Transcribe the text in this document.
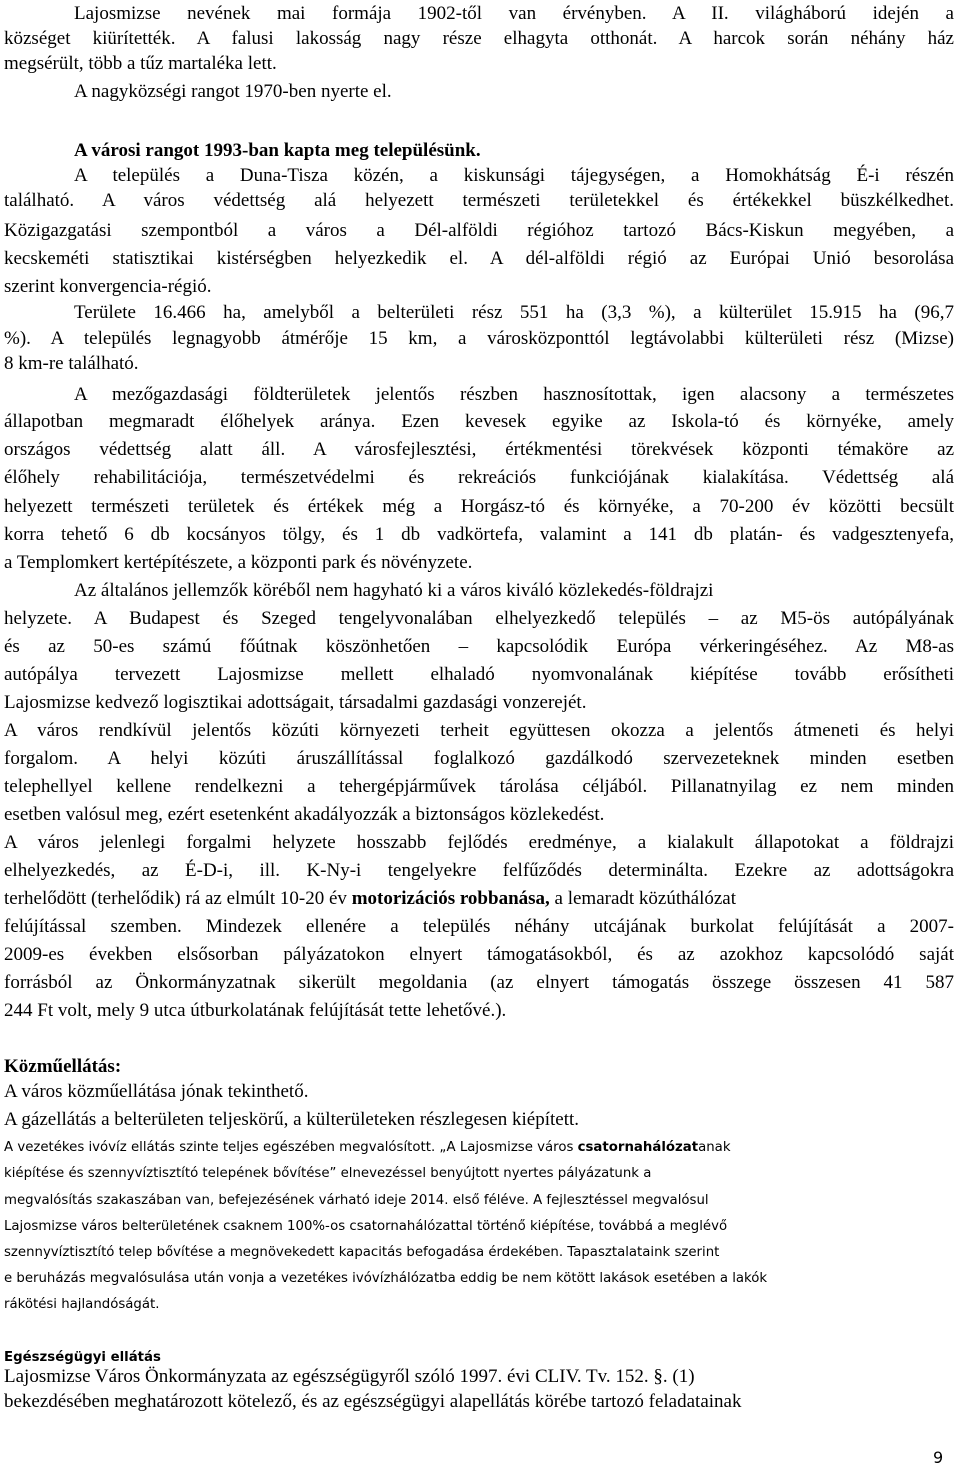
Lajosmizse nevének mai formája 1902-től van érvényben. A II. világháború idején a
községet kiürítették. A falusi lakosság nagy része elhagyta otthonát. A harcok során néhány ház
megsérült, több a tűz martaléka lett.
A nagyközségi rangot 1970-ben nyerte el.
A városi rangot 1993-ban kapta meg településünk.
A település a Duna-Tisza közén, a kiskunsági tájegységen, a Homokhátság É-i részén
található. A város védettség alá helyezett természeti területekkel és értékekkel büszkélkedhet.
Közigazgatási szempontból a város a Dél-alföldi régióhoz tartozó Bács-Kiskun megyében, a
kecskeméti statisztikai kistérségben helyezkedik el. A dél-alföldi régió az Európai Unió besorolása
szerint konvergencia-régió.
Területe 16.466 ha, amelyből a belterületi rész 551 ha (3,3 %), a külterület 15.915 ha (96,7
%). A település legnagyobb átmérője 15 km, a városközponttól legtávolabbi külterületi rész (Mizse)
8 km-re található.
A mezőgazdasági földterületek jelentős részben hasznosítottak, igen alacsony a természetes
állapotban megmaradt élőhelyek aránya. Ezen kevesek egyike az Iskola-tó és környéke, amely
országos védettség alatt áll. A városfejlesztési, értékmentési törekvések központi témaköre az
élőhely rehabilitációja, természetvédelmi és rekreációs funkciójának kialakítása. Védettség alá
helyezett természeti területek és értékek még a Horgász-tó és környéke, a 70-200 év közötti becsült
korra tehető 6 db kocsányos tölgy, és 1 db vadkörtefa, valamint a 141 db platán- és vadgesztenyefa,
a Templomkert kertépítészete, a központi park és növényzete.
Az általános jellemzők köréből nem hagyható ki a város kiváló közlekedés-földrajzi
helyzete. A Budapest és Szeged tengelyvonalában elhelyezkedő település – az M5-ös autópályának
és az 50-es számú főútnak köszönhetően – kapcsolódik Európa vérkeringéséhez. Az M8-as
autópálya tervezett Lajosmizse mellett elhaladó nyomvonalának kiépítése tovább erősítheti
Lajosmizse kedvező logisztikai adottságait, társadalmi gazdasági vonzerejét.
A város rendkívül jelentős közúti környezeti terheit együttesen okozza a jelentős átmeneti és helyi
forgalom. A helyi közúti áruszállítással foglalkozó gazdálkodó szervezeteknek minden esetben
telephellyel kellene rendelkezni a tehergépjárművek tárolása céljából. Pillanatnyilag ez nem minden
esetben valósul meg, ezért esetenként akadályozzák a biztonságos közlekedést.
A város jelenlegi forgalmi helyzete hosszabb fejlődés eredménye, a kialakult állapotokat a földrajzi
elhelyezkedés, az É-D-i, ill. K-Ny-i tengelyekre felfűződés determinálta. Ezekre az adottságokra
terhelődött (terhelődik) rá az elmúlt 10-20 év motorizációs robbanása, a lemaradt közúthálózat
felújítással szemben. Mindezek ellenére a település néhány utcájának burkolat felújítását a 2007-
2009-es években elsősorban pályázatokon elnyert támogatásokból, és az azokhoz kapcsolódó saját
forrásból az Önkormányzatnak sikerült megoldania (az elnyert támogatás összege összesen 41 587
244 Ft volt, mely 9 utca útburkolatának felújítását tette lehetővé.).
Közműellátás:
A város közműellátása jónak tekinthető.
A gázellátás a belterületen teljeskörű, a külterületeken részlegesen kiépített.
A vezetékes ivóvíz ellátás szinte teljes egészében megvalósított. „A Lajosmizse város csatornahálózat anak
kiépítése és szennyvíztisztító telepének bővítése” elnevezéssel benyújtott nyertes pályázatunk a
megvalósítás szakaszában van, befejezésének várható ideje 2014. első féléve. A fejlesztéssel megvalósul
Lajosmizse város belterületének csaknem 100%-os csatornahálózattal történő kiépítése, továbbá a meglévő
szennyvíztisztító telep bővítése a megnövekedett kapacitás befogadása érdekében. Tapasztalataink szerint
e beruházás megvalósulása után vonja a vezetékes ivóvízhálózatba eddig be nem kötött lakások esetében a lakók
rákötési hajlandóságát.
Egészségügyi ellátás
Lajosmizse Város Önkormányzata az egészségügyről szóló 1997. évi CLIV. Tv. 152. §. (1)
bekezdésében meghatározott kötelező, és az egészségügyi alapellátás körébe tartozó feladatainak
9
